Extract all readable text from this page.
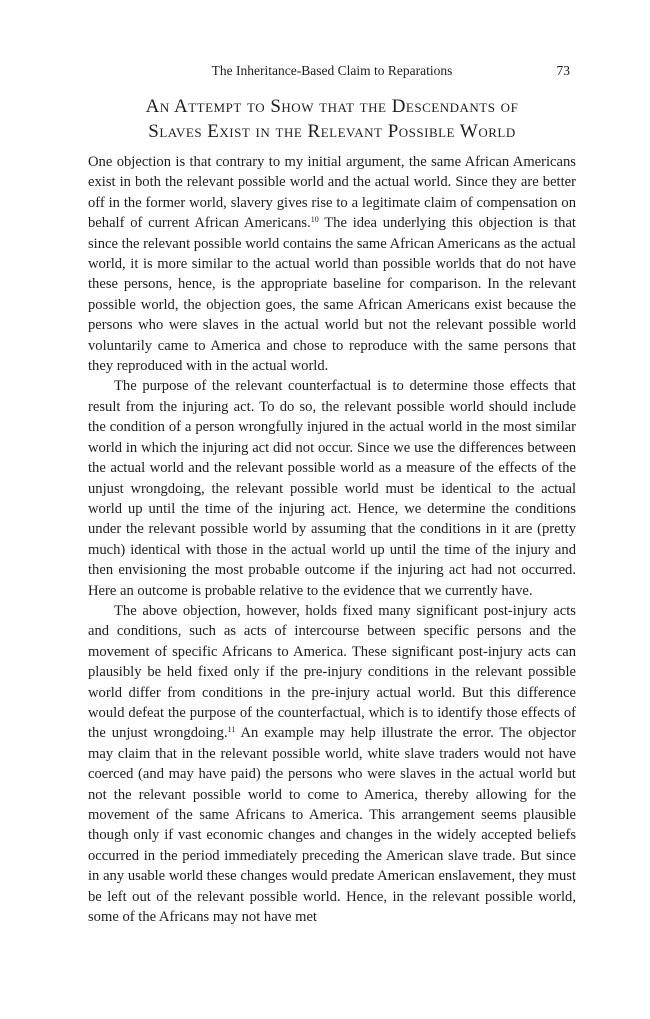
The Inheritance-Based Claim to Reparations	73
An Attempt to Show that the Descendants of
Slaves Exist in the Relevant Possible World

One objection is that contrary to my initial argument, the same African Americans exist in both the relevant possible world and the actual world. Since they are better off in the former world, slavery gives rise to a legitimate claim of compensation on behalf of current African Americans.$^{10}$ The idea underlying this objection is that since the relevant possible world contains the same African Americans as the actual world, it is more similar to the actual world than possible worlds that do not have these persons, hence, is the appropriate baseline for comparison. In the relevant possible world, the objection goes, the same African Americans exist because the persons who were slaves in the actual world but not the relevant possible world voluntarily came to America and chose to reproduce with the same persons that they reproduced with in the actual world.

The purpose of the relevant counterfactual is to determine those effects that result from the injuring act. To do so, the relevant possible world should include the condition of a person wrongfully injured in the actual world in the most similar world in which the injuring act did not occur. Since we use the differences between the actual world and the relevant possible world as a measure of the effects of the unjust wrongdoing, the relevant possible world must be identical to the actual world up until the time of the injuring act. Hence, we determine the conditions under the relevant possible world by assuming that the conditions in it are (pretty much) identical with those in the actual world up until the time of the injury and then envisioning the most probable outcome if the injuring act had not occurred. Here an outcome is probable relative to the evidence that we currently have.

The above objection, however, holds fixed many significant post-injury acts and conditions, such as acts of intercourse between specific persons and the movement of specific Africans to America. These significant post-injury acts can plausibly be held fixed only if the pre-injury conditions in the relevant possible world differ from conditions in the pre-injury actual world. But this difference would defeat the purpose of the counterfactual, which is to identify those effects of the unjust wrongdoing.$^{11}$ An example may help illustrate the error. The objector may claim that in the relevant possible world, white slave traders would not have coerced (and may have paid) the persons who were slaves in the actual world but not the relevant possible world to come to America, thereby allowing for the movement of the same Africans to America. This arrangement seems plausible though only if vast economic changes and changes in the widely accepted beliefs occurred in the period immediately preceding the American slave trade. But since in any usable world these changes would predate American enslavement, they must be left out of the relevant possible world. Hence, in the relevant possible world, some of the Africans may not have met
